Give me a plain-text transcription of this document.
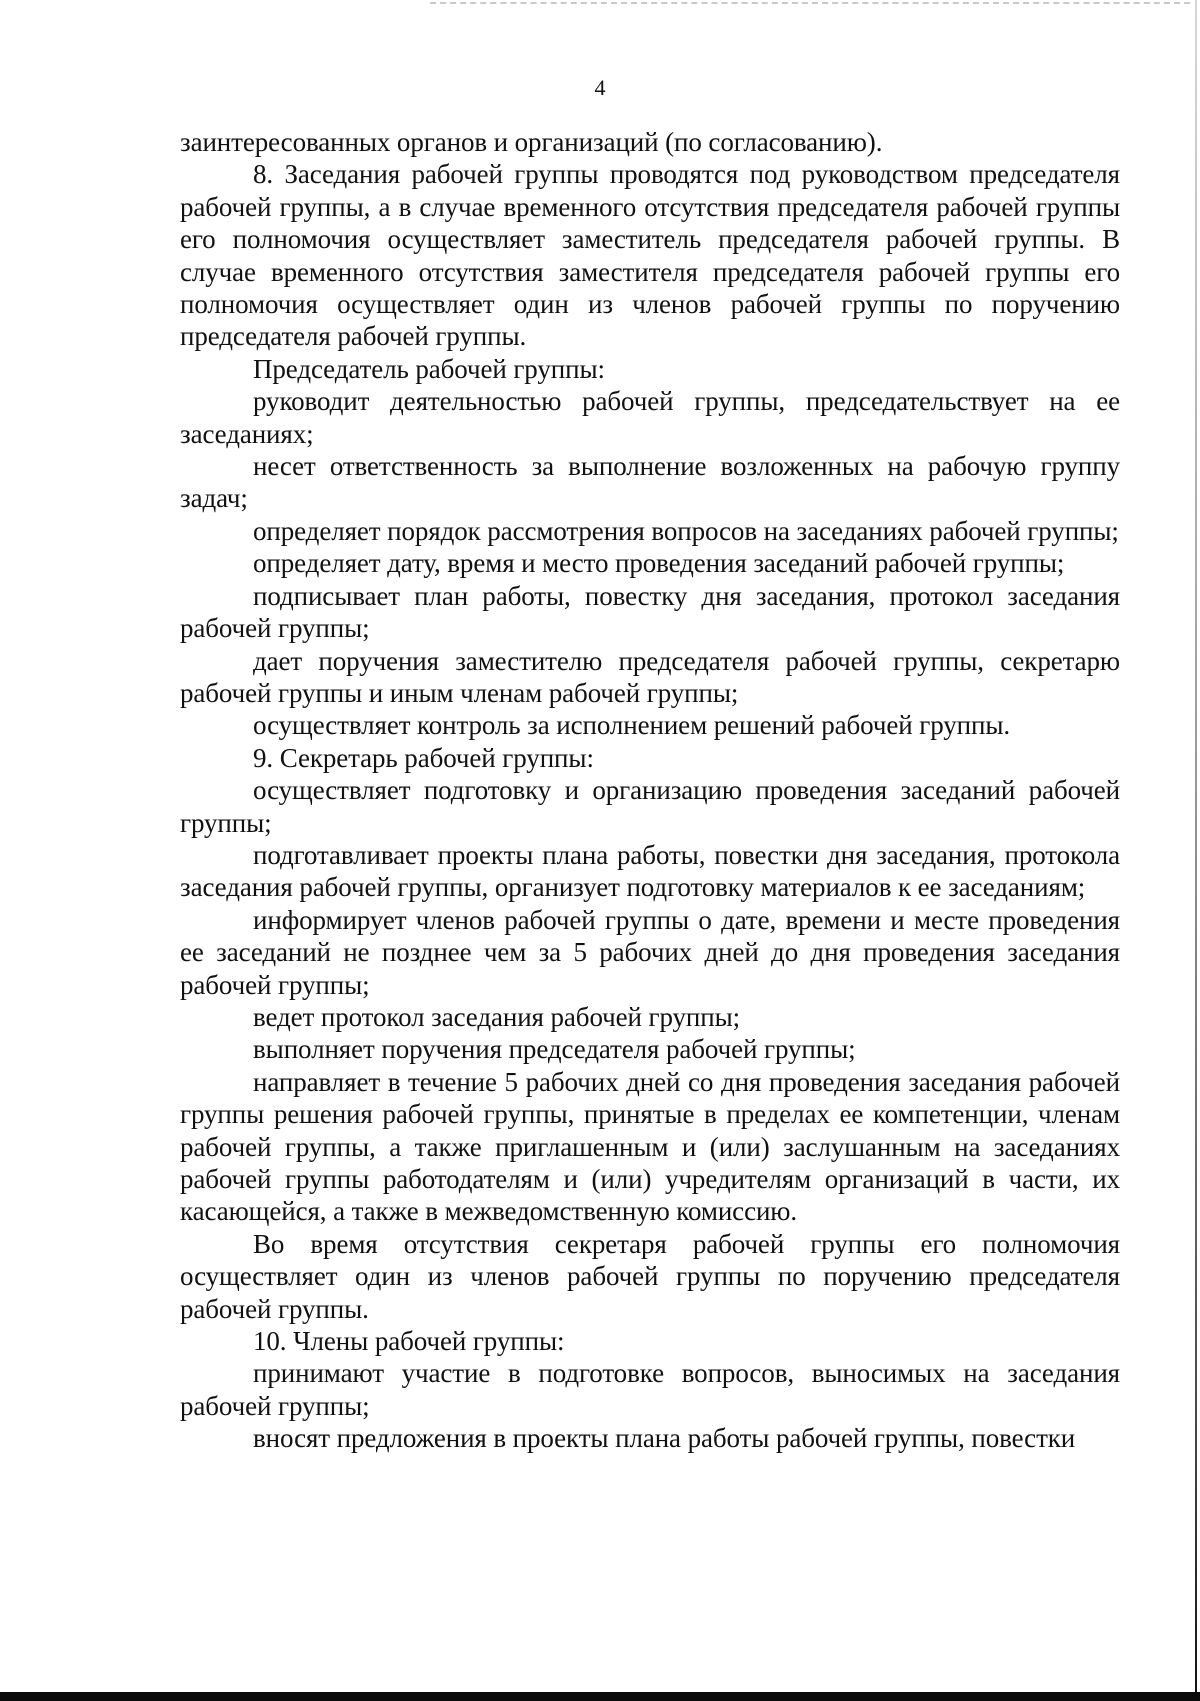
4

заинтересованных органов и организаций (по согласованию).

8. Заседания рабочей группы проводятся под руководством председателя рабочей группы, а в случае временного отсутствия председателя рабочей группы его полномочия осуществляет заместитель председателя рабочей группы. В случае временного отсутствия заместителя председателя рабочей группы его полномочия осуществляет один из членов рабочей группы по поручению председателя рабочей группы.

Председатель рабочей группы:

руководит деятельностью рабочей группы, председательствует на ее заседаниях;

несет ответственность за выполнение возложенных на рабочую группу задач;

определяет порядок рассмотрения вопросов на заседаниях рабочей группы;

определяет дату, время и место проведения заседаний рабочей группы;

подписывает план работы, повестку дня заседания, протокол заседания рабочей группы;

дает поручения заместителю председателя рабочей группы, секретарю рабочей группы и иным членам рабочей группы;

осуществляет контроль за исполнением решений рабочей группы.

9. Секретарь рабочей группы:

осуществляет подготовку и организацию проведения заседаний рабочей группы;

подготавливает проекты плана работы, повестки дня заседания, протокола заседания рабочей группы, организует подготовку материалов к ее заседаниям;

информирует членов рабочей группы о дате, времени и месте проведения ее заседаний не позднее чем за 5 рабочих дней до дня проведения заседания рабочей группы;

ведет протокол заседания рабочей группы;

выполняет поручения председателя рабочей группы;

направляет в течение 5 рабочих дней со дня проведения заседания рабочей группы решения рабочей группы, принятые в пределах ее компетенции, членам рабочей группы, а также приглашенным и (или) заслушанным на заседаниях рабочей группы работодателям и (или) учредителям организаций в части, их касающейся, а также в межведомственную комиссию.

Во время отсутствия секретаря рабочей группы его полномочия осуществляет один из членов рабочей группы по поручению председателя рабочей группы.

10. Члены рабочей группы:

принимают участие в подготовке вопросов, выносимых на заседания рабочей группы;

вносят предложения в проекты плана работы рабочей группы, повестки
